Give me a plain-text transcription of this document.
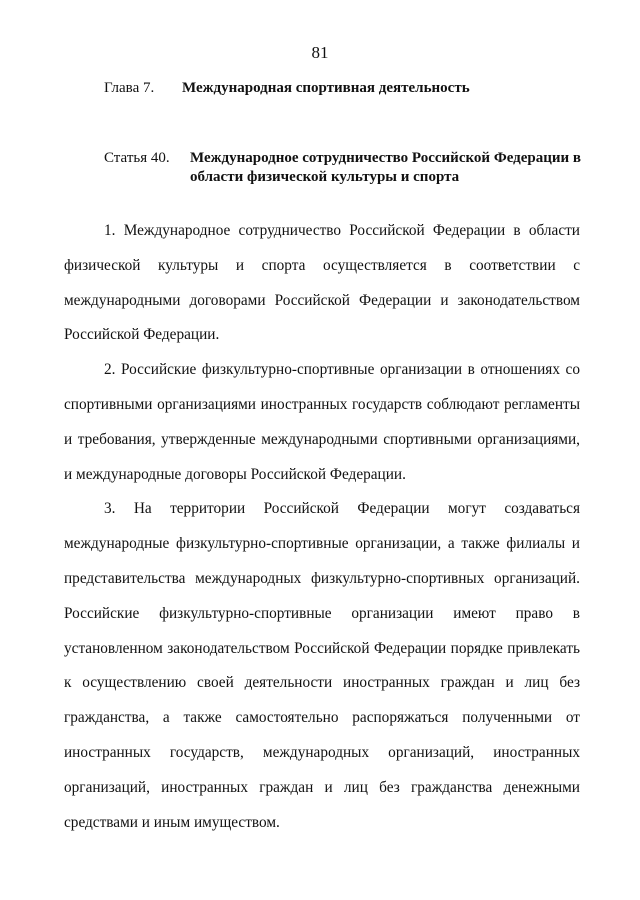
81
Глава 7. Международная спортивная деятельность
Статья 40. Международное сотрудничество Российской Федерации в области физической культуры и спорта

1. Международное сотрудничество Российской Федерации в области физической культуры и спорта осуществляется в соответствии с международными договорами Российской Федерации и законодательством Российской Федерации.

2. Российские физкультурно-спортивные организации в отношениях со спортивными организациями иностранных государств соблюдают регламенты и требования, утвержденные международными спортивными организациями, и международные договоры Российской Федерации.

3. На территории Российской Федерации могут создаваться международные физкультурно-спортивные организации, а также филиалы и представительства международных физкультурно-спортивных организаций. Российские физкультурно-спортивные организации имеют право в установленном законодательством Российской Федерации порядке привлекать к осуществлению своей деятельности иностранных граждан и лиц без гражданства, а также самостоятельно распоряжаться полученными от иностранных государств, международных организаций, иностранных организаций, иностранных граждан и лиц без гражданства денежными средствами и иным имуществом.
